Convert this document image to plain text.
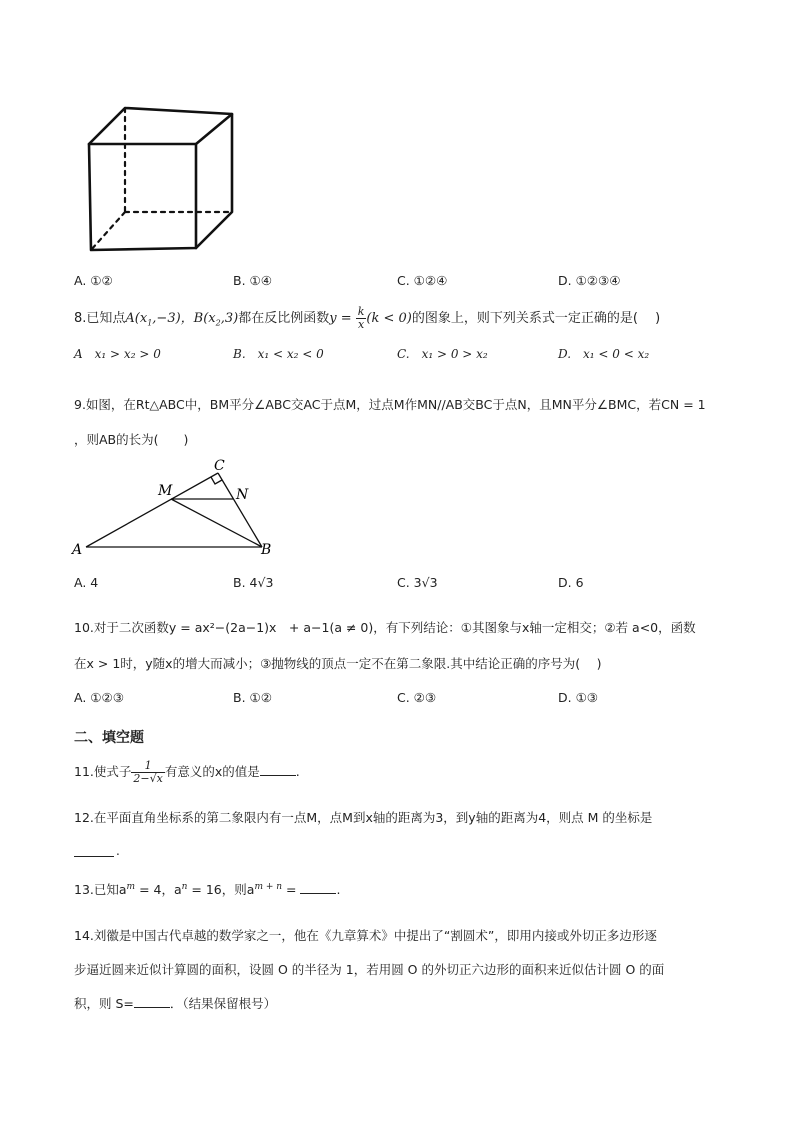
A. ①②	B. ①④	C. ①②④	D. ①②③④
8.已知点$A(x_1,-3)$，$B(x_2,3)$都在反比例函数$y = \frac{k}{x} (k < 0)$的图象上，则下列关系式一定正确的是(　 )
A　x₁ > x₂ > 0	B.　x₁ < x₂ < 0	C.　x₁ > 0 > x₂	D.　x₁ < 0 < x₂
9.如图，在Rt△ABC中，BM平分∠ABC交AC于点M，过点M作MN//AB交BC于点N，且MN平分∠BMC，若CN = 1
，则AB的长为(　　)
C
M	N
A	B
A. 4	B. 4√3	C. 3√3	D. 6
10.对于二次函数y = ax²−(2a−1)x　+ a−1(a ≠ 0)，有下列结论：①其图象与x轴一定相交；②若 a<0，函数
在x > 1时，y随x的增大而减小；③抛物线的顶点一定不在第二象限.其中结论正确的序号为(　 )
A. ①②③	B. ①②	C. ②③	D. ①③
二、填空题
11.使式子 $\frac{1}{2-√x}$ 有意义的x的值是	.
12.在平面直角坐标系的第二象限内有一点M，点M到x轴的距离为3，到y轴的距离为4，则点 M 的坐标是
.
13.已知$a^m = 4$，$a^n = 16$，则$a^{m + n}$ =	.
14.刘徽是中国古代卓越的数学家之一，他在《九章算术》中提出了“割圆术”，即用内接或外切正多边形逐
步逼近圆来近似计算圆的面积，设圆 O 的半径为 1，若用圆 O 的外切正六边形的面积来近似估计圆 O 的面
积，则 S=	．（结果保留根号）
